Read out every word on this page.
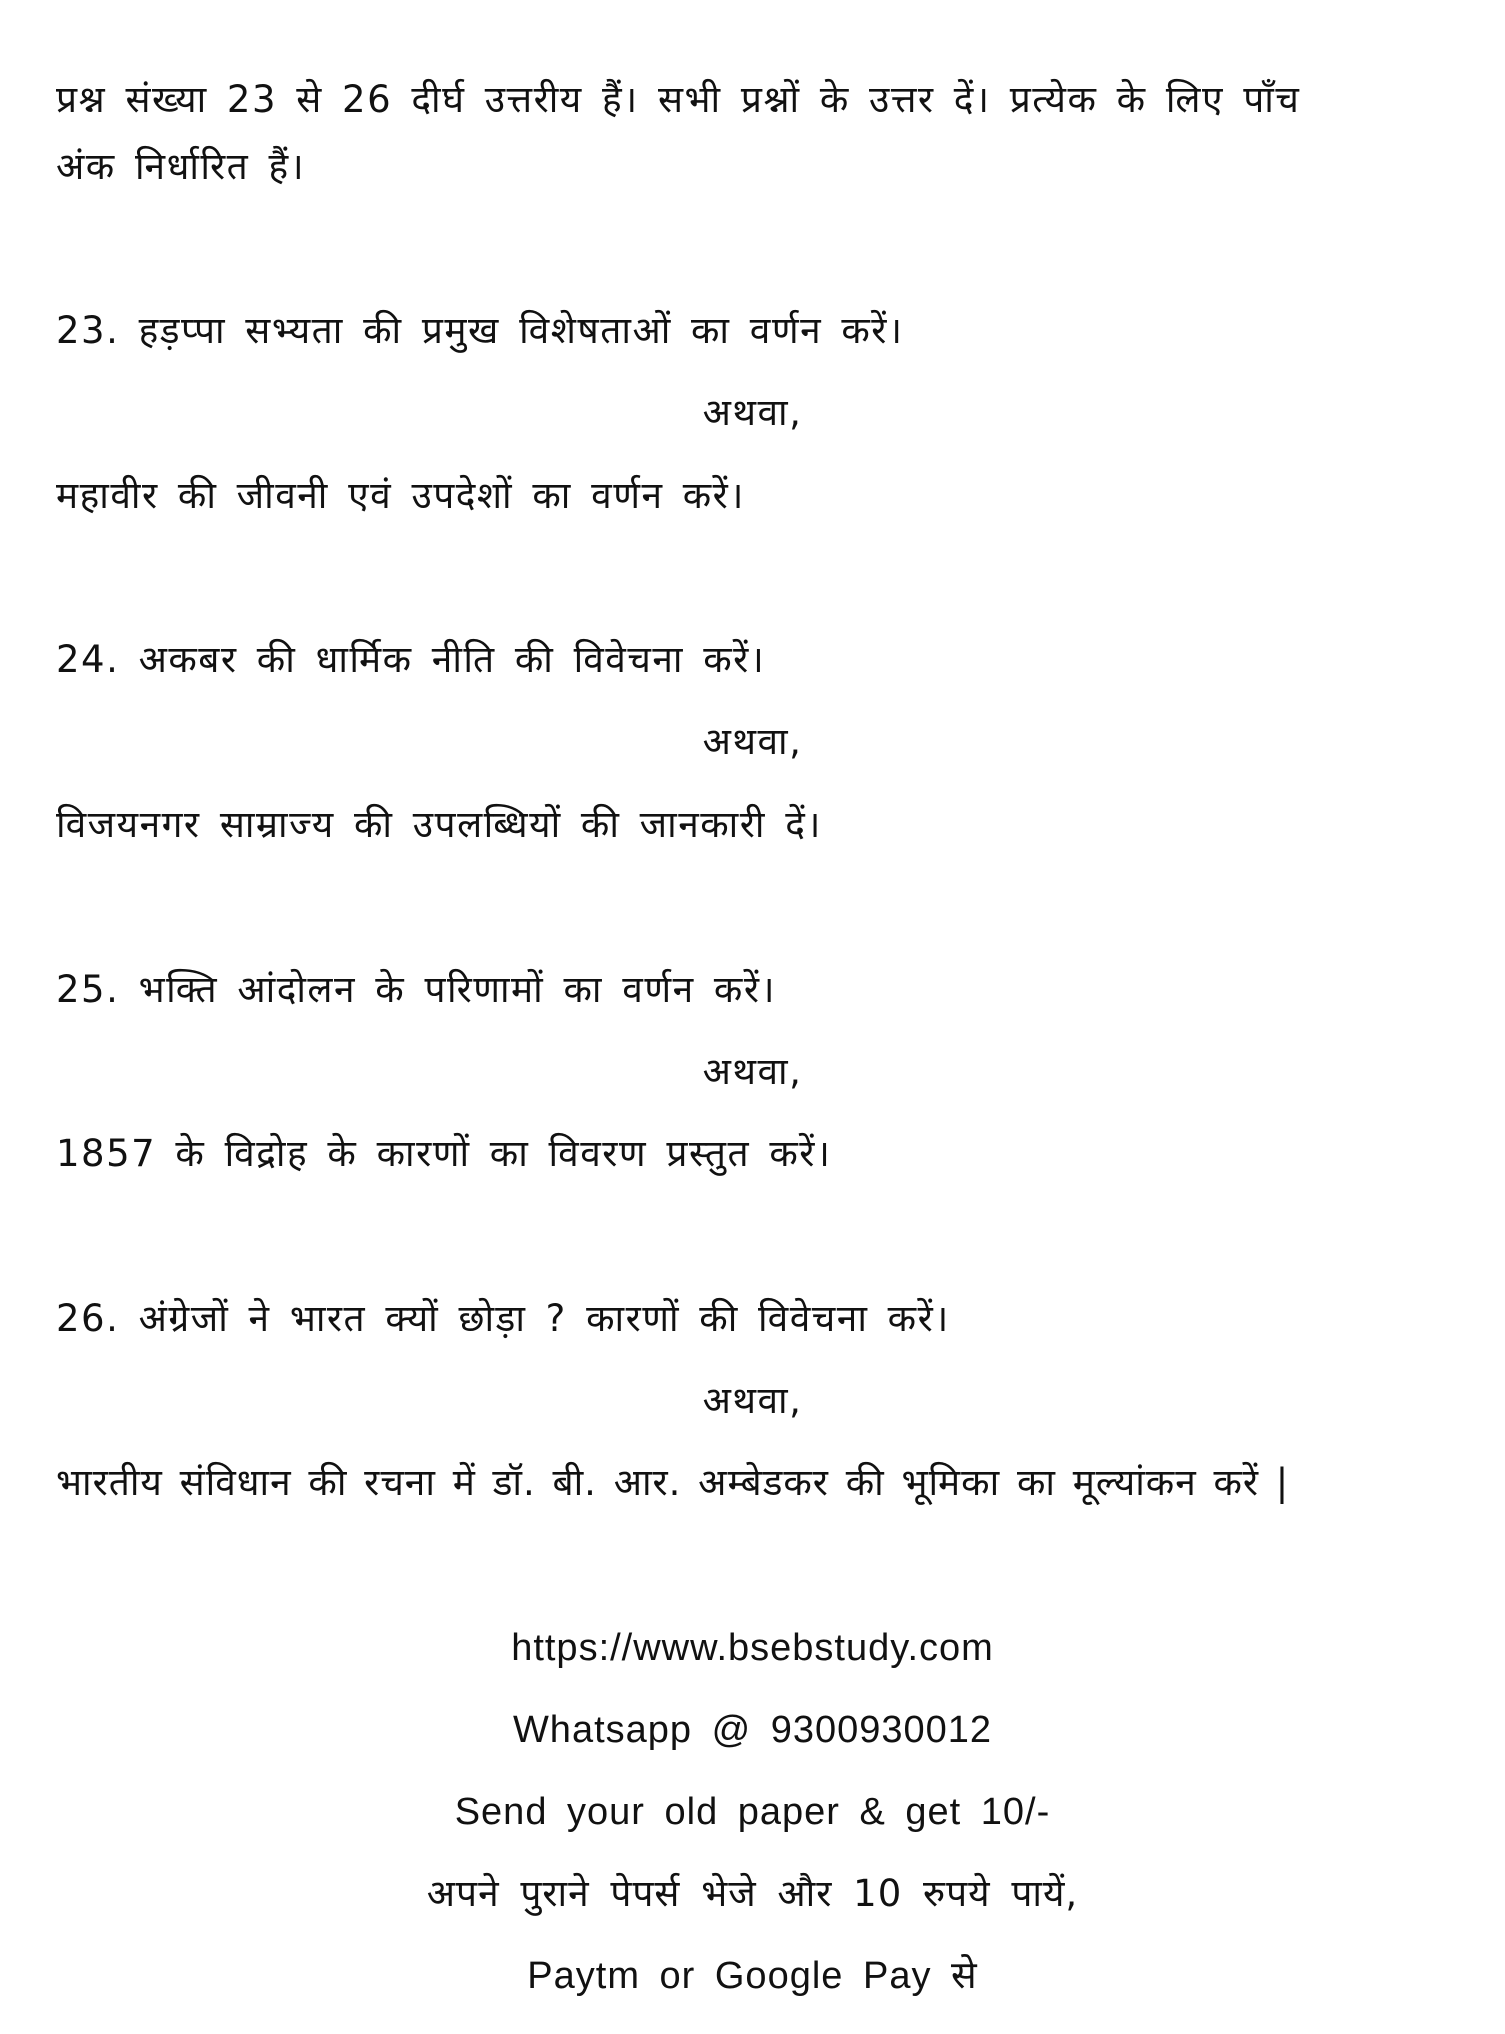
प्रश्न संख्या 23 से 26 दीर्घ उत्तरीय हैं। सभी प्रश्नों के उत्तर दें। प्रत्येक के लिए पाँच
अंक निर्धारित हैं।
23. हड़प्पा सभ्यता की प्रमुख विशेषताओं का वर्णन करें।
अथवा,
महावीर की जीवनी एवं उपदेशों का वर्णन करें।
24. अकबर की धार्मिक नीति की विवेचना करें।
अथवा,
विजयनगर साम्राज्य की उपलब्धियों की जानकारी दें।
25. भक्ति आंदोलन के परिणामों का वर्णन करें।
अथवा,
1857 के विद्रोह के कारणों का विवरण प्रस्तुत करें।
26. अंग्रेजों ने भारत क्यों छोड़ा ? कारणों की विवेचना करें।
अथवा,
भारतीय संविधान की रचना में डॉ. बी. आर. अम्बेडकर की भूमिका का मूल्यांकन करें |
https://www.bsebstudy.com
Whatsapp @ 9300930012
Send your old paper & get 10/-
अपने पुराने पेपर्स भेजे और 10 रुपये पायें,
Paytm or Google Pay से
